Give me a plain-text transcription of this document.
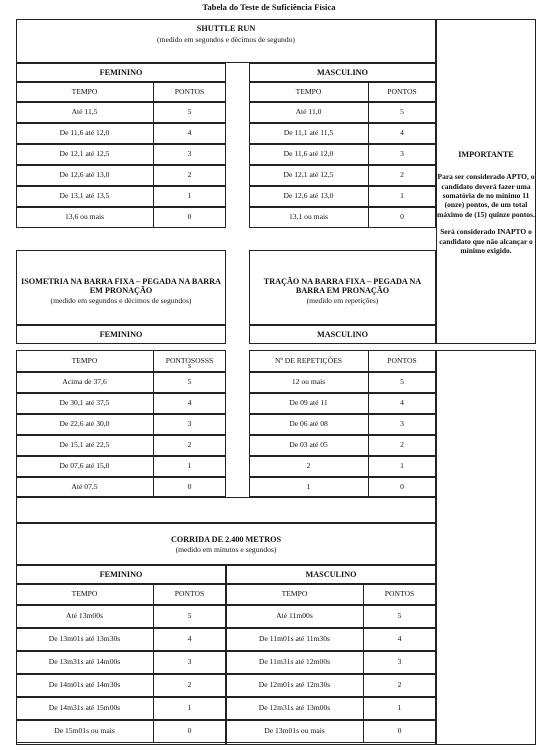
Tabela do Teste de Suficiência Física
SHUTTLE RUN
(medido em segundos e décimos de segundo)
FEMININO	MASCULINO
TEMPO	PONTOS
Até 11,5	5
De 11,6 até 12,0	4
De 12,1 até 12,5	3
De 12,6 até 13,0	2
De 13,1 até 13,5	1
13,6 ou mais	0
TEMPO	PONTOS
Até 11,0	5
De 11,1 até 11,5	4
De 11,6 até 12,0	3
De 12,1 até 12,5	2
De 12,6 até 13,0	1
13,1 ou mais	0
ISOMETRIA NA BARRA FIXA – PEGADA NA BARRA EM PRONAÇÃO
(medido em segundos e décimos de segundos)
TRAÇÃO NA BARRA FIXA – PEGADA NA BARRA EM PRONAÇÃO
(medido em repetições)
FEMININO	MASCULINO

IMPORTANTE

Para ser considerado APTO, o candidato deverá fazer uma somatória de no mínimo 11 (onze) pontos, de um total máximo de (15) quinze pontos.

Será considerado INAPTO o candidato que não alcançar o mínimo exigido.

TEMPO	PONTOSOSSS
Acima de 37,6	5
De 30,1 até 37,5	4
De 22,6 até 30,0	3
De 15,1 até 22,5	2
De 07,6 até 15,0	1
Até 07,5	0
S
Nº DE REPETIÇÕES	PONTOS
12 ou mais	5
De 09 até 11	4
De 06 até 08	3
De 03 até 05	2
2	1
1	0
CORRIDA DE 2.400 METROS
(medido em minutos e segundos)
FEMININO	MASCULINO
TEMPO	PONTOS
Até 13m00s	5
De 13m01s até 13m30s	4
De 13m31s até 14m00s	3
De 14m01s até 14m30s	2
De 14m31s até 15m00s	1
De 15m01s ou mais	0
TEMPO	PONTOS
Até 11m00s	5
De 11m01s até 11m30s	4
De 11m31s até 12m00s	3
De 12m01s até 12m30s	2
De 12m31s até 13m00s	1
De 13m01s ou mais	0
